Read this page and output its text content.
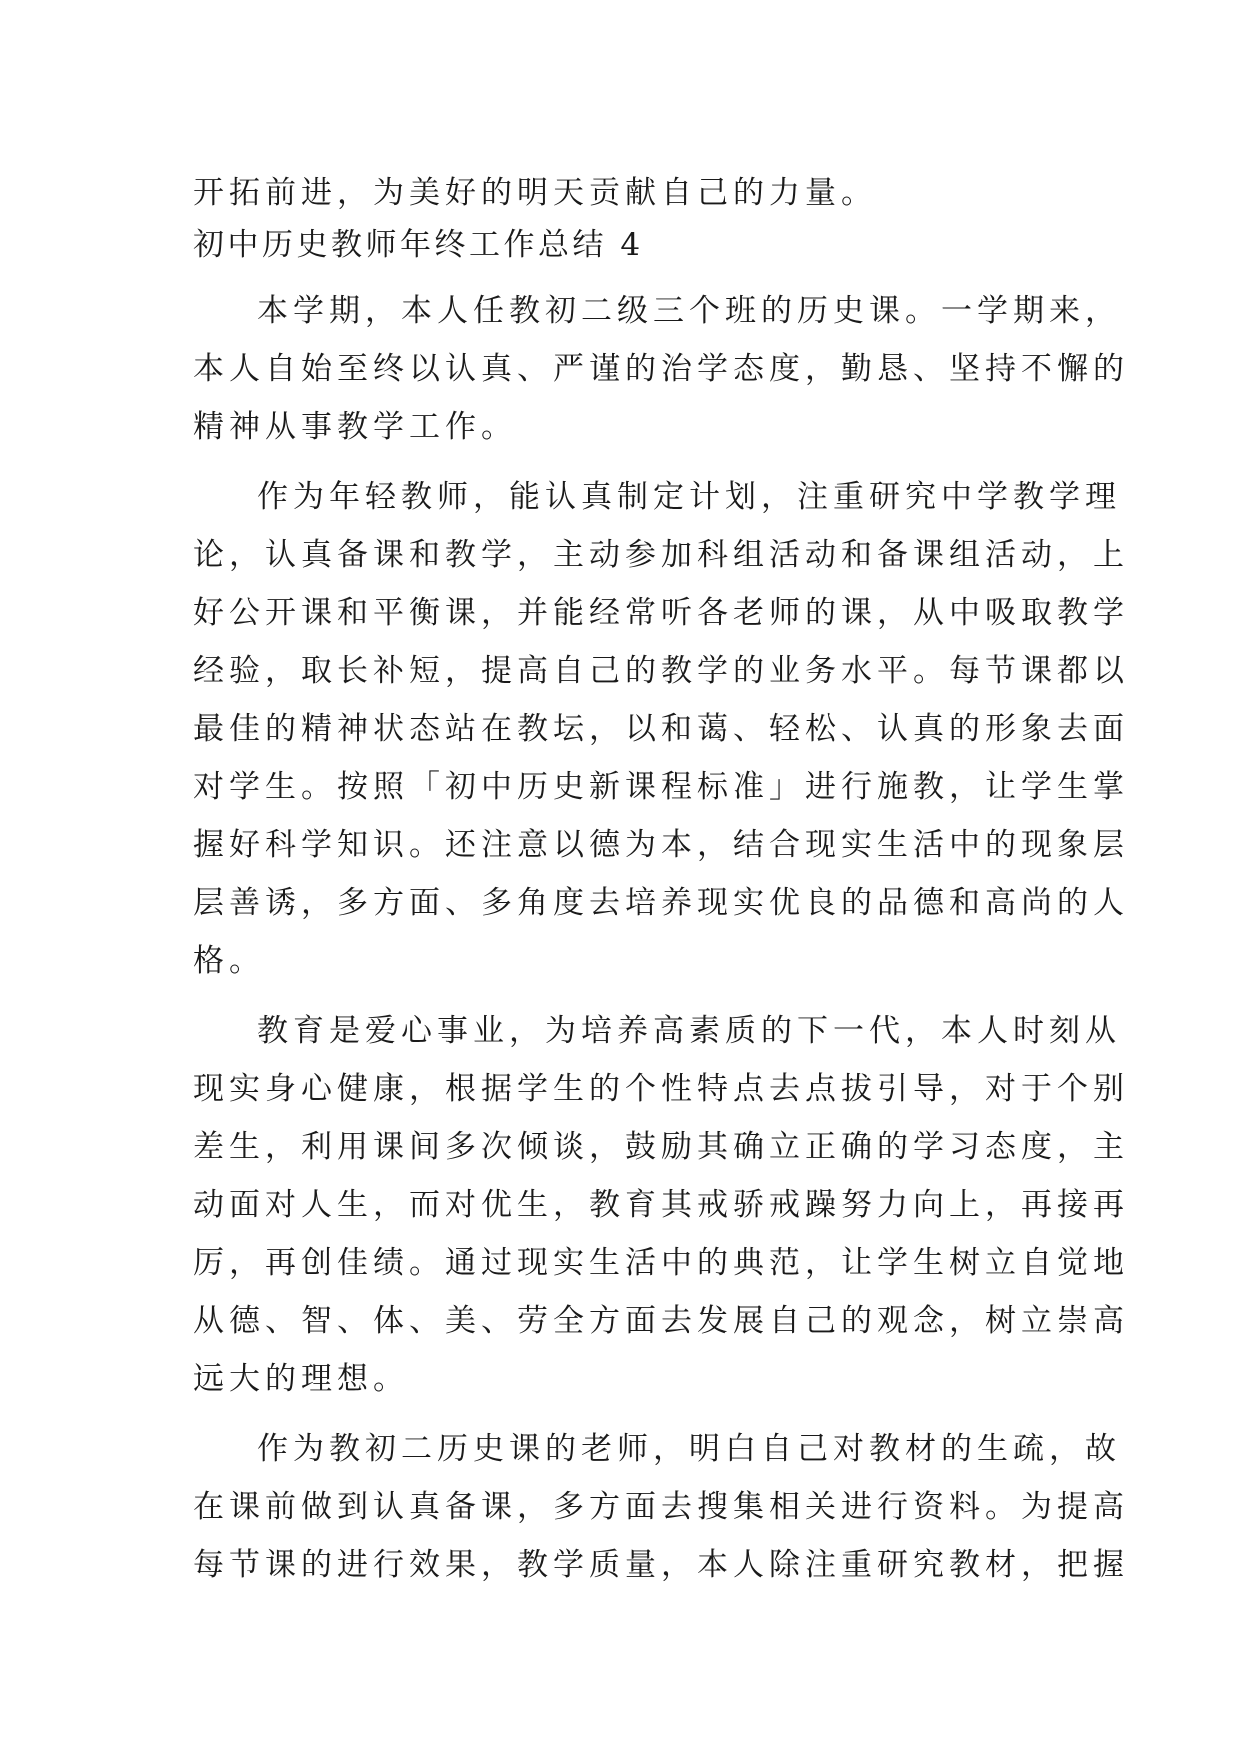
开拓前进，为美好的明天贡献自己的力量。
初中历史教师年终工作总结 4
本学期，本人任教初二级三个班的历史课。一学期来，
本人自始至终以认真、严谨的治学态度，勤恳、坚持不懈的
精神从事教学工作。
作为年轻教师，能认真制定计划，注重研究中学教学理
论，认真备课和教学，主动参加科组活动和备课组活动，上
好公开课和平衡课，并能经常听各老师的课，从中吸取教学
经验，取长补短，提高自己的教学的业务水平。每节课都以
最佳的精神状态站在教坛，以和蔼、轻松、认真的形象去面
对学生。按照「初中历史新课程标准」进行施教，让学生掌
握好科学知识。还注意以德为本，结合现实生活中的现象层
层善诱，多方面、多角度去培养现实优良的品德和高尚的人
格。
教育是爱心事业，为培养高素质的下一代，本人时刻从
现实身心健康，根据学生的个性特点去点拔引导，对于个别
差生，利用课间多次倾谈，鼓励其确立正确的学习态度，主
动面对人生，而对优生，教育其戒骄戒躁努力向上，再接再
厉，再创佳绩。通过现实生活中的典范，让学生树立自觉地
从德、智、体、美、劳全方面去发展自己的观念，树立崇高
远大的理想。
作为教初二历史课的老师，明白自己对教材的生疏，故
在课前做到认真备课，多方面去搜集相关进行资料。为提高
每节课的进行效果，教学质量，本人除注重研究教材，把握
